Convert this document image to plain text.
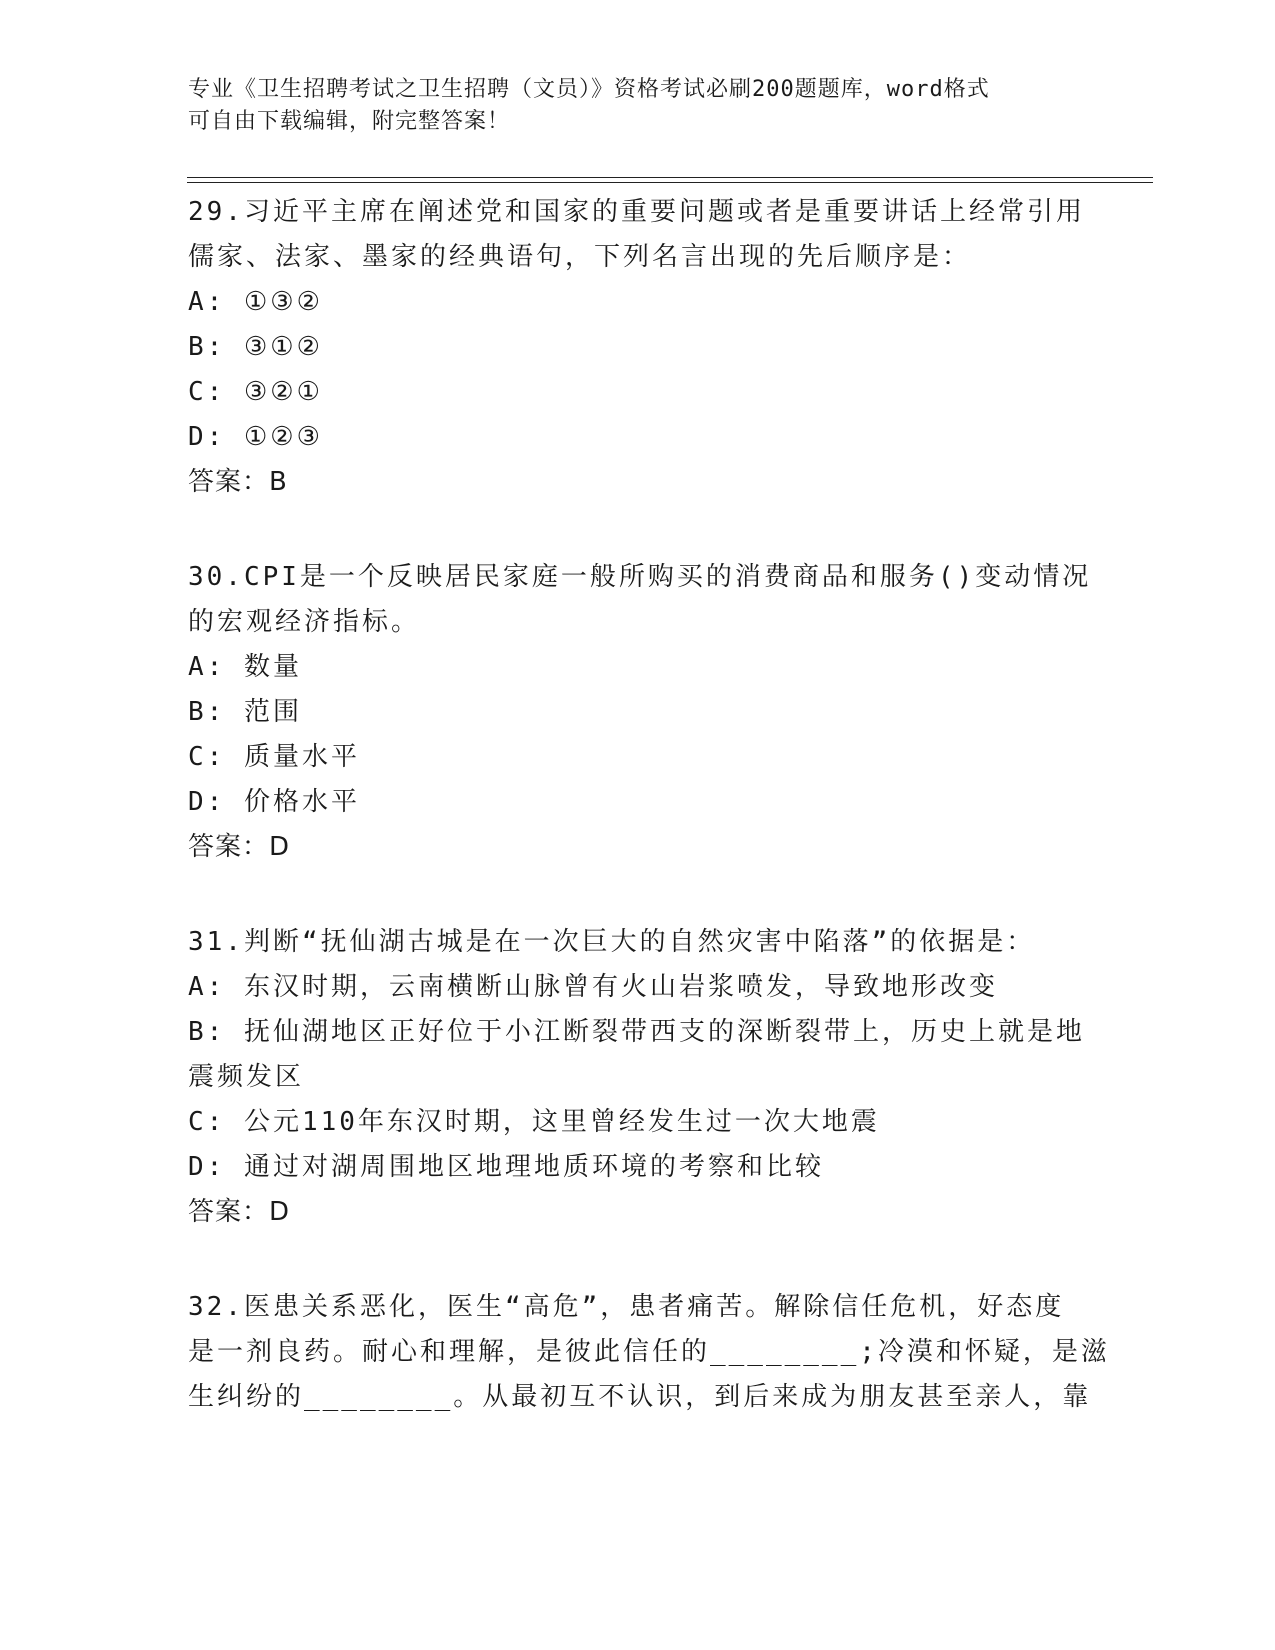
专业《卫生招聘考试之卫生招聘（文员）》资格考试必刷200题题库，word格式
可自由下载编辑，附完整答案！
29.习近平主席在阐述党和国家的重要问题或者是重要讲话上经常引用
儒家、法家、墨家的经典语句，下列名言出现的先后顺序是：
A: ①③②
B: ③①②
C: ③②①
D: ①②③
答案：B
30.CPI是一个反映居民家庭一般所购买的消费商品和服务()变动情况
的宏观经济指标。
A: 数量
B: 范围
C: 质量水平
D: 价格水平
答案：D
31.判断“抚仙湖古城是在一次巨大的自然灾害中陷落”的依据是：
A: 东汉时期，云南横断山脉曾有火山岩浆喷发，导致地形改变
B: 抚仙湖地区正好位于小江断裂带西支的深断裂带上，历史上就是地
震频发区
C: 公元110年东汉时期，这里曾经发生过一次大地震
D: 通过对湖周围地区地理地质环境的考察和比较
答案：D
32.医患关系恶化，医生“高危”，患者痛苦。解除信任危机，好态度
是一剂良药。耐心和理解，是彼此信任的________;冷漠和怀疑，是滋
生纠纷的________。从最初互不认识，到后来成为朋友甚至亲人，靠
